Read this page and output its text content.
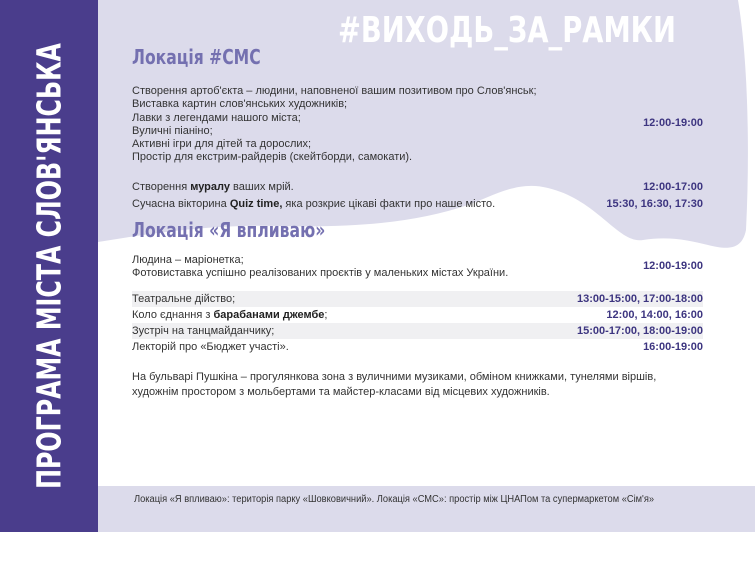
ПРОГРАМА МІСТА СЛОВ'ЯНСЬКА
#ВИХОДЬ_ЗА_РАМКИ
Локація #СМС
Створення артоб'єкта – людини, наповненої вашим позитивом про Слов'янськ;
Виставка картин слов'янських художників;
Лавки з легендами нашого міста;
Вуличні піаніно;
Активні ігри для дітей та дорослих;
Простір для екстрим-райдерів (скейтборди, самокати).
12:00-19:00
Створення муралу ваших мрій.	12:00-17:00
Сучасна вікторина Quiz time, яка розкриє цікаві факти про наше місто.	15:30, 16:30, 17:30
Локація «Я впливаю»
Людина – маріонетка;
Фотовиставка успішно реалізованих проєктів у маленьких містах України.
12:00-19:00
Театральне дійство;	13:00-15:00, 17:00-18:00
Коло єднання з барабанами джембе;	12:00, 14:00, 16:00
Зустріч на танцмайданчику;	15:00-17:00, 18:00-19:00
Лекторій про «Бюджет участі».	16:00-19:00
На бульварі Пушкіна – прогулянкова зона з вуличними музиками, обміном книжками, тунелями віршів, художнім простором з мольбертами та майстер-класами від місцевих художників.
Локація «Я впливаю»: територія парку «Шовковичний». Локація «СМС»: простір між ЦНАПом та супермаркетом «Сім'я»
